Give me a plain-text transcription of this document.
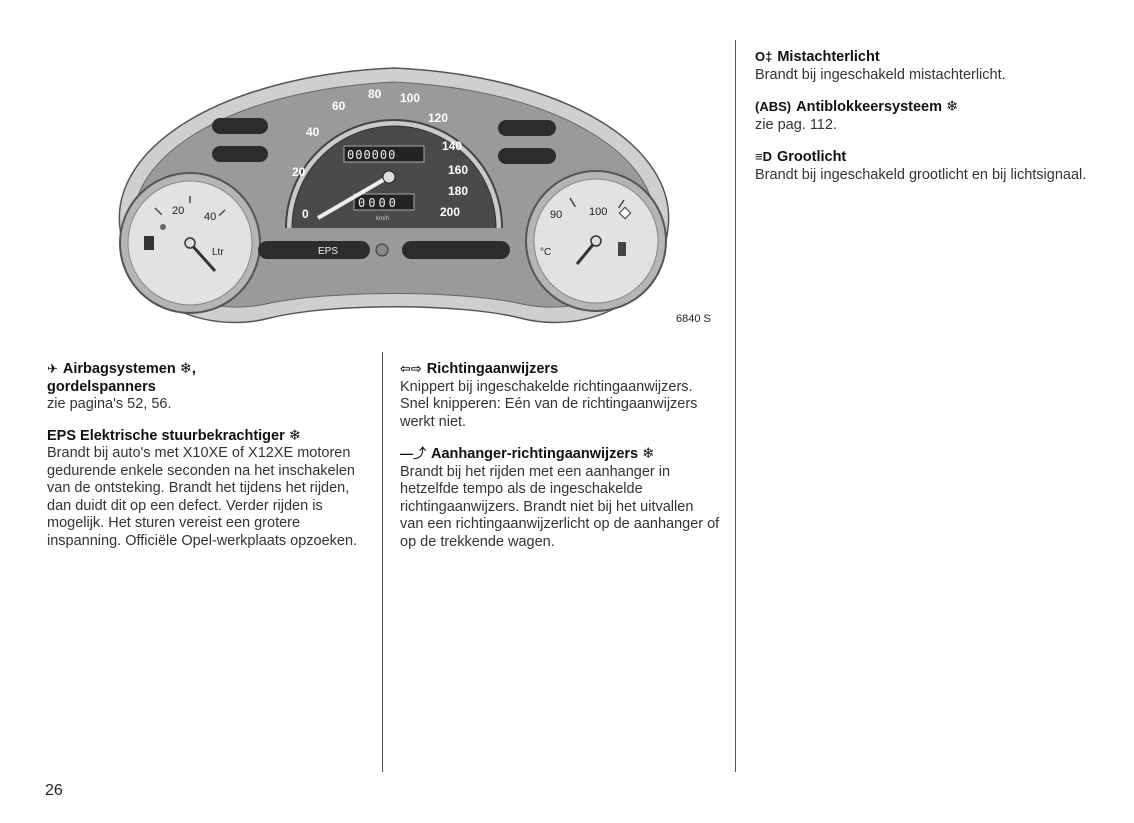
20 40
Ltr
90 100
°C
0
20
40
60
80 100
120
140
160
180
200
000000
0000
km/h
EPS
6840 S
✈ Airbagsystemen ❄,
gordelspanners
zie pagina's 52, 56.
EPS Elektrische stuurbekrachtiger ❄
Brandt bij auto's met X10XE of X12XE motoren gedurende enkele seconden na het inschakelen van de ontsteking. Brandt het tijdens het rijden, dan duidt dit op een defect. Verder rijden is mogelijk. Het sturen vereist een grotere inspanning. Officiële Opel-werkplaats opzoeken.
⇦⇨ Richtingaanwijzers
Knippert bij ingeschakelde richtingaanwijzers. Snel knipperen: Eén van de richtingaanwijzers werkt niet.
—⤴ Aanhanger-richtingaanwijzers ❄
Brandt bij het rijden met een aanhanger in hetzelfde tempo als de ingeschakelde richtingaanwijzers. Brandt niet bij het uitvallen van een richtingaanwijzerlicht op de aanhanger of op de trekkende wagen.
O‡ Mistachterlicht
Brandt bij ingeschakeld mistachterlicht.
(ABS) Antiblokkeersysteem ❄
zie pag. 112.
≡D Grootlicht
Brandt bij ingeschakeld grootlicht en bij lichtsignaal.
26
